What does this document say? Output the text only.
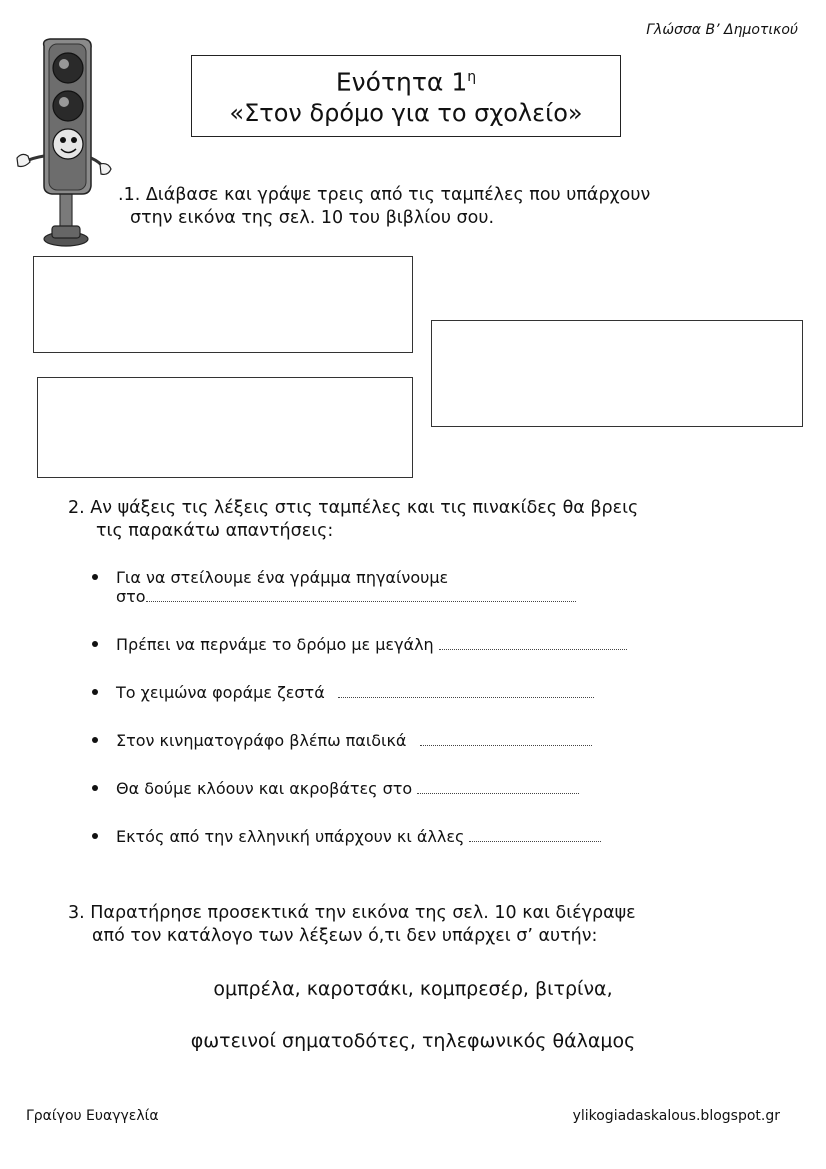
Γλώσσα Β’ Δημοτικού
Ενότητα $1^\eta$
«Στον δρόμο για το σχολείο»
.1. Διάβασε και γράψε τρεις από τις ταμπέλες που υπάρχουν
στην εικόνα της σελ. 10 του βιβλίου σου.
2. Αν ψάξεις τις λέξεις στις ταμπέλες και τις πινακίδες θα βρεις
τις παρακάτω απαντήσεις:
Για να στείλουμε ένα γράμμα πηγαίνουμε
στο
Πρέπει να περνάμε το δρόμο με μεγάλη
Το χειμώνα φοράμε ζεστά
Στον κινηματογράφο βλέπω παιδικά
Θα δούμε κλόουν και ακροβάτες στο
Εκτός από την ελληνική υπάρχουν κι άλλες
3. Παρατήρησε προσεκτικά την εικόνα της σελ. 10 και διέγραψε
από τον κατάλογο των λέξεων ό,τι δεν υπάρχει σ’ αυτήν:
ομπρέλα, καροτσάκι, κομπρεσέρ, βιτρίνα,
φωτεινοί σηματοδότες, τηλεφωνικός θάλαμος
Γραίγου Ευαγγελία	ylikogiadaskalous.blogspot.gr
